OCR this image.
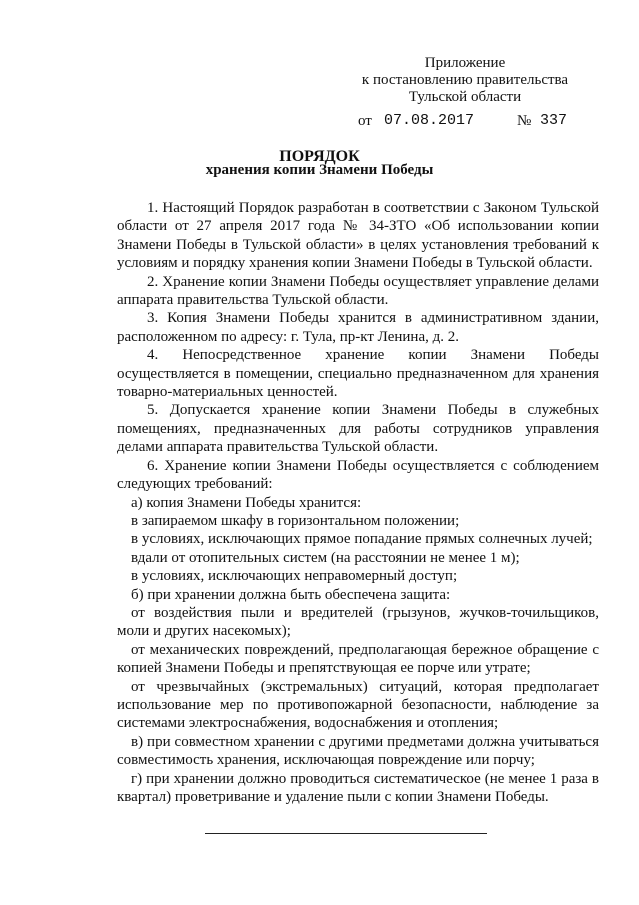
Приложение
к постановлению правительства
Тульской области
от 07.08.2017	№ 337
ПОРЯДОК
хранения копии Знамени Победы

1. Настоящий Порядок разработан в соответствии с Законом Тульской области от 27 апреля 2017 года № 34-ЗТО «Об использовании копии Знамени Победы в Тульской области» в целях установления требований к условиям и порядку хранения копии Знамени Победы в Тульской области.

2. Хранение копии Знамени Победы осуществляет управление делами аппарата правительства Тульской области.

3. Копия Знамени Победы хранится в административном здании, расположенном по адресу: г. Тула, пр-кт Ленина, д. 2.

4. Непосредственное хранение копии Знамени Победы осуществляется в помещении, специально предназначенном для хранения товарно-материальных ценностей.

5. Допускается хранение копии Знамени Победы в служебных помещениях, предназначенных для работы сотрудников управления делами аппарата правительства Тульской области.

6. Хранение копии Знамени Победы осуществляется с соблюдением следующих требований:

а) копия Знамени Победы хранится:

в запираемом шкафу в горизонтальном положении;

в условиях, исключающих прямое попадание прямых солнечных лучей;

вдали от отопительных систем (на расстоянии не менее 1 м);

в условиях, исключающих неправомерный доступ;

б) при хранении должна быть обеспечена защита:

от воздействия пыли и вредителей (грызунов, жучков-точильщиков, моли и других насекомых);

от механических повреждений, предполагающая бережное обращение с копией Знамени Победы и препятствующая ее порче или утрате;

от чрезвычайных (экстремальных) ситуаций, которая предполагает использование мер по противопожарной безопасности, наблюдение за системами электроснабжения, водоснабжения и отопления;

в) при совместном хранении с другими предметами должна учитываться совместимость хранения, исключающая повреждение или порчу;

г) при хранении должно проводиться систематическое (не менее 1 раза в квартал) проветривание и удаление пыли с копии Знамени Победы.
